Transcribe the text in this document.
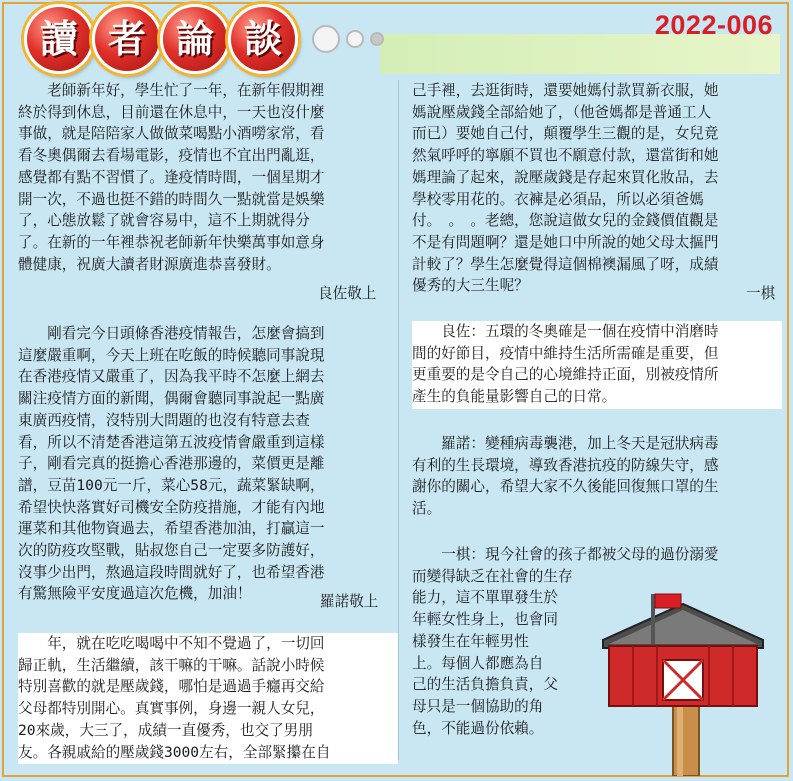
讀 者 論 談	2022-006
　　老師新年好，學生忙了一年，在新年假期裡
終於得到休息，目前還在休息中，一天也沒什麼
事做，就是陪陪家人做做菜喝點小酒嘮家常，看
看冬奧偶爾去看場電影，疫情也不宜出門亂逛，
感覺都有點不習慣了。逢疫情時間，一個星期才
開一次，不過也挺不錯的時間久一點就當是娛樂
了，心態放鬆了就會容易中，這不上期就得分
了。在新的一年裡恭祝老師新年快樂萬事如意身
體健康，祝廣大讀者財源廣進恭喜發財。
良佐敬上
　　剛看完今日頭條香港疫情報告，怎麼會搞到
這麼嚴重啊，今天上班在吃飯的時候聽同事說現
在香港疫情又嚴重了，因為我平時不怎麼上網去
關注疫情方面的新聞，偶爾會聽同事說起一點廣
東廣西疫情，沒特別大問題的也沒有特意去查
看，所以不清楚香港這第五波疫情會嚴重到這樣
子，剛看完真的挺擔心香港那邊的，菜價更是離
譜，豆苗100元一斤，菜心58元，蔬菜緊缺啊，
希望快快落實好司機安全防疫措施，才能有內地
運菜和其他物資過去，希望香港加油，打贏這一
次的防疫攻堅戰，貼叔您自己一定要多防護好，
沒事少出門，熬過這段時間就好了，也希望香港
有驚無險平安度過這次危機，加油！	羅諾敬上
　　年，就在吃吃喝喝中不知不覺過了，一切回
歸正軌，生活繼續，該干嘛的干嘛。話說小時候
特別喜歡的就是壓歲錢，哪怕是過過手癮再交給
父母都特別開心。真實事例，身邊一親人女兒，
20來歲，大三了，成績一直優秀，也交了男朋
友。各親戚給的壓歲錢3000左右，全部緊攥在自
己手裡，去逛街時，還要她媽付款買新衣服，她
媽說壓歲錢全部給她了，（他爸媽都是普通工人
而已）要她自己付，顛覆學生三觀的是，女兒竟
然氣呼呼的寧願不買也不願意付款，還當街和她
媽理論了起來，說壓歲錢是存起來買化妝品，去
學校零用花的。衣褲是必須品，所以必須爸媽
付。　。　。老總，您說這做女兒的金錢價值觀是
不是有問題啊？還是她口中所說的她父母太摳門
計較了？學生怎麼覺得這個棉襖漏風了呀，成績
優秀的大三生呢？	一棋
　　良佐：五環的冬奧確是一個在疫情中消磨時
間的好節目，疫情中維持生活所需確是重要，但
更重要的是令自己的心境維持正面，別被疫情所
產生的負能量影響自己的日常。
　　羅諾：變種病毒襲港，加上冬天是冠狀病毒
有利的生長環境，導致香港抗疫的防線失守，感
謝你的關心，希望大家不久後能回復無口罩的生
活。
　　一棋：現今社會的孩子都被父母的過份溺愛
而變得缺乏在社會的生存
能力，這不單單發生於
年輕女性身上，也會同
樣發生在年輕男性
上。每個人都應為自
己的生活負擔負責，父
母只是一個協助的角
色，不能過份依賴。
